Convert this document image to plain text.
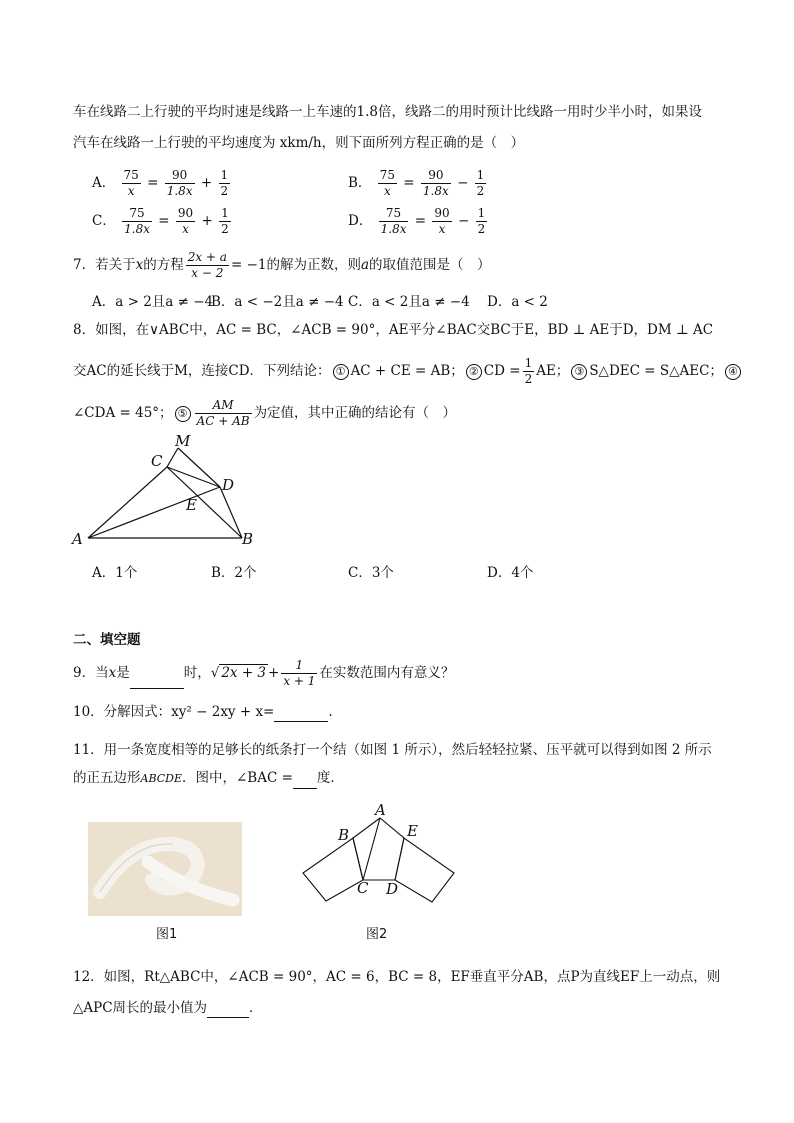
车在线路二上行驶的平均时速是线路一上车速的1.8倍，线路二的用时预计比线路一用时少半小时，如果设
汽车在线路一上行驶的平均速度为 xkm/h，则下面所列方程正确的是（　）
A． $\frac{75}{x} = \frac{90}{1.8x} + \frac{1}{2}$	B． $\frac{75}{x} = \frac{90}{1.8x} - \frac{1}{2}$
C． $\frac{75}{1.8x} = \frac{90}{x} + \frac{1}{2}$	D． $\frac{75}{1.8x} = \frac{90}{x} - \frac{1}{2}$
7．若关于x的方程 $\frac{2x + a}{x - 2} = -1$的解为正数，则a的取值范围是（　）
A．a > 2且a ≠ −4
B．a < −2且a ≠ −4 C．a < 2且a ≠ −4 D．a < 2
8．如图，在∨ABC中，AC = BC，∠ACB = 90°，AE平分∠BAC交BC于E，BD ⊥ AE于D，DM ⊥ AC
交AC的延长线于M，连接CD．下列结论： ① AC + CE = AB； ② CD = $\frac{1}{2}$ AE； ③ S△DEC = S△AEC； ④
∠CDA = 45°； ⑤ $\frac{AM}{AC + AB}$ 为定值，其中正确的结论有（　）
A	B
C
D
E
M
A．1个	B．2个	C．3个	D．4个
二、填空题
9．当x是	时，√ $2x + 3 + \frac{1}{x + 1}$ 在实数范围内有意义？
10．分解因式：xy² − 2xy + x=	.
11．用一条宽度相等的足够长的纸条打一个结（如图 1 所示），然后轻轻拉紧、压平就可以得到如图 2 所示
的正五边形ABCDE．图中，∠BAC = 度．
图1
A
B
C D
E
图2
12．如图，Rt△ABC中，∠ACB = 90°，AC = 6，BC = 8，EF垂直平分AB，点P为直线EF上一动点，则
△APC周长的最小值为	．
